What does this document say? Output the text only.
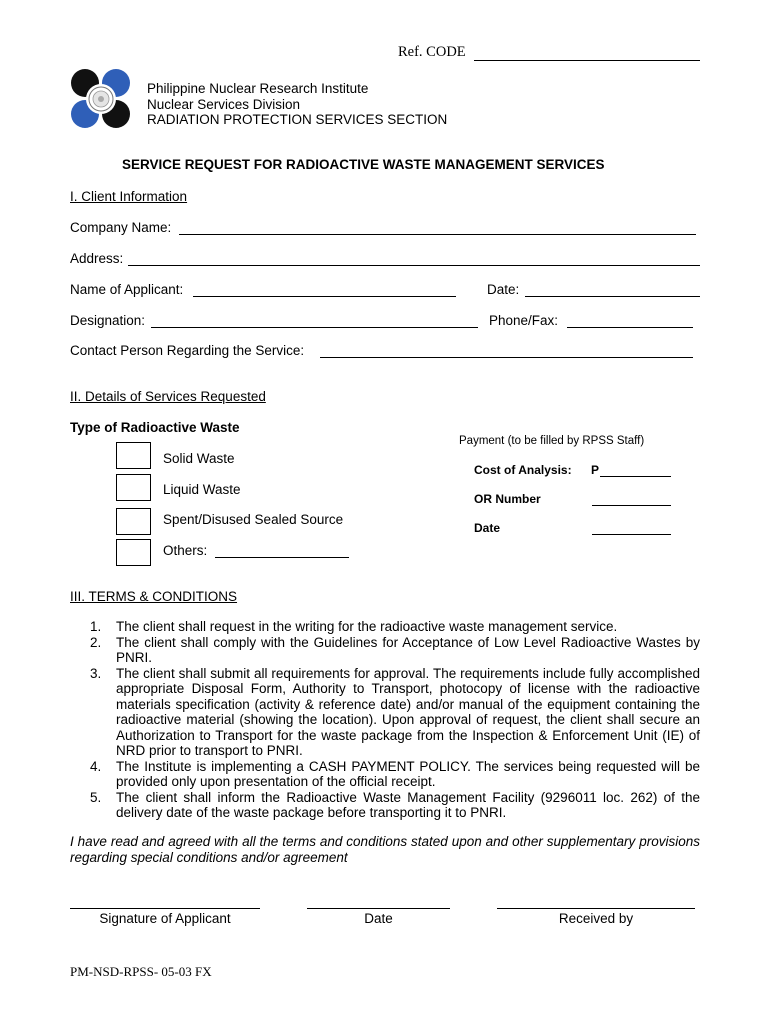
Ref. CODE
Philippine Nuclear Research Institute
Nuclear Services Division
RADIATION PROTECTION SERVICES SECTION
SERVICE REQUEST FOR RADIOACTIVE WASTE MANAGEMENT SERVICES
I. Client Information
Company Name:
Address:
Name of Applicant:	Date:
Designation:	Phone/Fax:
Contact Person Regarding the Service:
II. Details of Services Requested
Type of Radioactive Waste
Solid Waste
Liquid Waste
Spent/Disused Sealed Source
Others:
Payment (to be filled by RPSS Staff)
Cost of Analysis: P
OR Number
Date
III. TERMS & CONDITIONS
1. The client shall request in the writing for the radioactive waste management service.
2. The client shall comply with the Guidelines for Acceptance of Low Level Radioactive Wastes by PNRI.
3. The client shall submit all requirements for approval. The requirements include fully accomplished appropriate Disposal Form, Authority to Transport, photocopy of license with the radioactive materials specification (activity & reference date) and/or manual of the equipment containing the radioactive material (showing the location). Upon approval of request, the client shall secure an Authorization to Transport for the waste package from the Inspection & Enforcement Unit (IE) of NRD prior to transport to PNRI.
4. The Institute is implementing a CASH PAYMENT POLICY. The services being requested will be provided only upon presentation of the official receipt.
5. The client shall inform the Radioactive Waste Management Facility (9296011 loc. 262) of the delivery date of the waste package before transporting it to PNRI.
I have read and agreed with all the terms and conditions stated upon and other supplementary provisions regarding special conditions and/or agreement
Signature of Applicant	Date	Received by
PM-NSD-RPSS- 05-03 FX
